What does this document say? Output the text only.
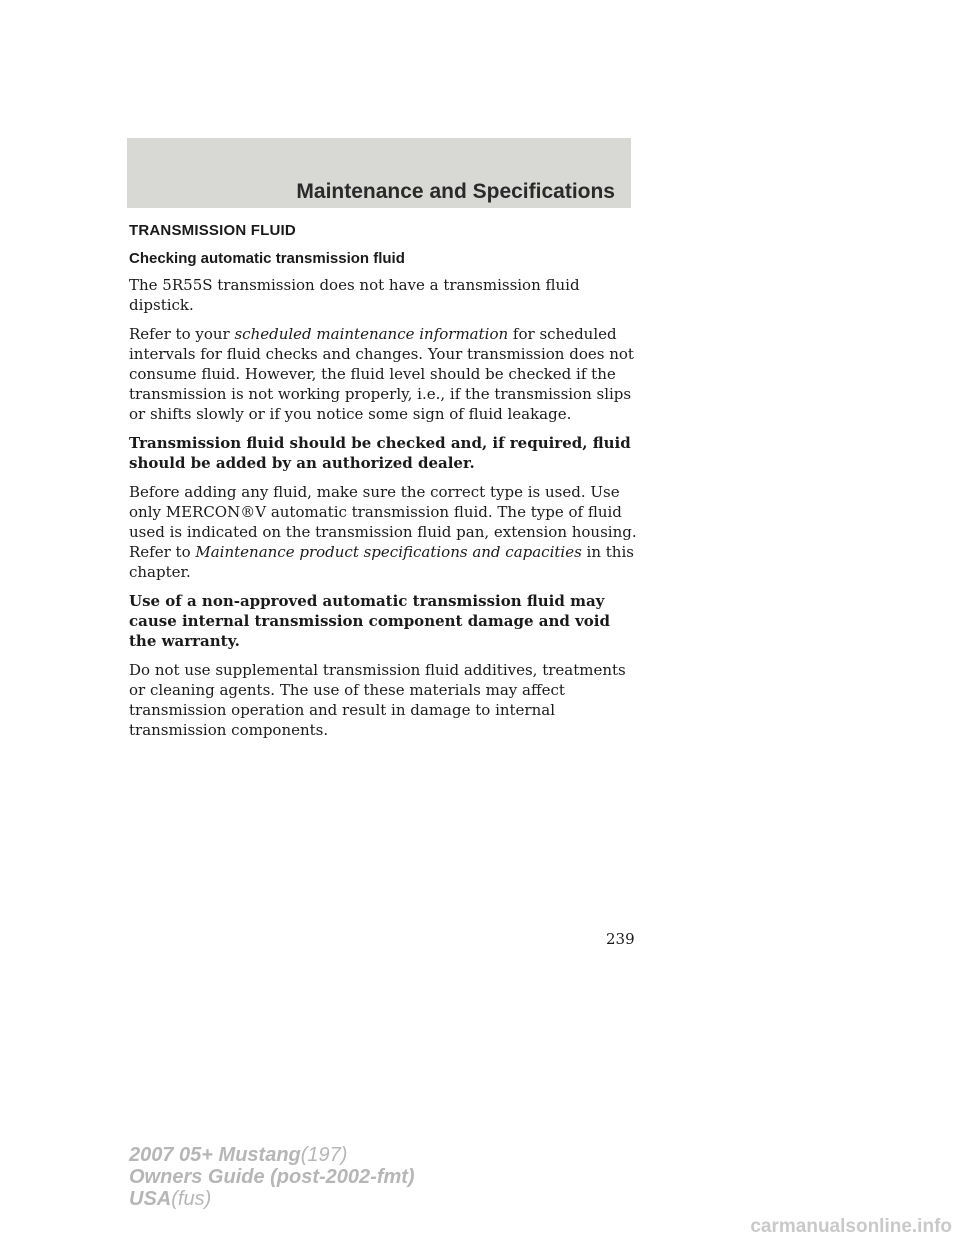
Maintenance and Specifications
TRANSMISSION FLUID
Checking automatic transmission fluid

The 5R55S transmission does not have a transmission fluid dipstick.

Refer to your scheduled maintenance information for scheduled intervals for fluid checks and changes. Your transmission does not consume fluid. However, the fluid level should be checked if the transmission is not working properly, i.e., if the transmission slips or shifts slowly or if you notice some sign of fluid leakage.

Transmission fluid should be checked and, if required, fluid should be added by an authorized dealer.

Before adding any fluid, make sure the correct type is used. Use only MERCON®V automatic transmission fluid. The type of fluid used is indicated on the transmission fluid pan, extension housing. Refer to Maintenance product specifications and capacities in this chapter.

Use of a non-approved automatic transmission fluid may cause internal transmission component damage and void the warranty.

Do not use supplemental transmission fluid additives, treatments or cleaning agents. The use of these materials may affect transmission operation and result in damage to internal transmission components.

239
2007 05+ Mustang(197)
Owners Guide (post-2002-fmt)
USA(fus)
carmanualsonline.info
